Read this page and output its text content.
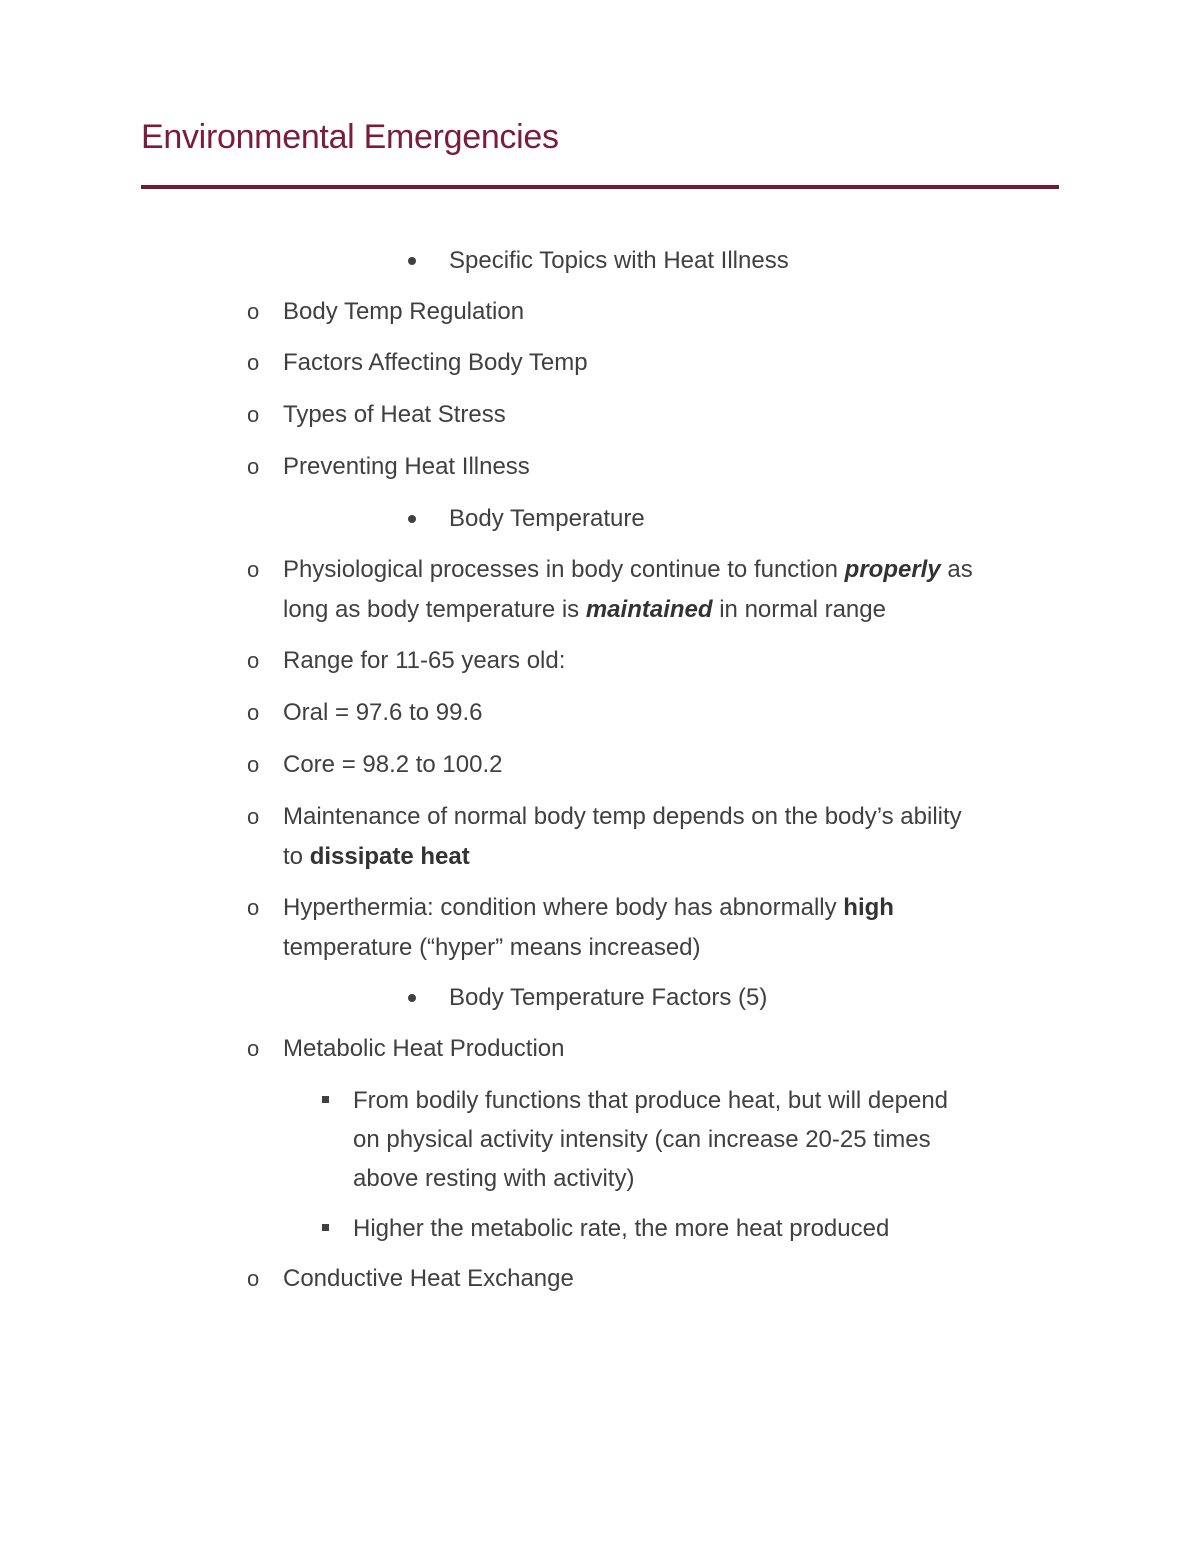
Environmental Emergencies
Specific Topics with Heat Illness
o Body Temp Regulation
o Factors Affecting Body Temp
o Types of Heat Stress
o Preventing Heat Illness
Body Temperature
o Physiological processes in body continue to function properly as
long as body temperature is maintained in normal range
o Range for 11-65 years old:
o Oral = 97.6 to 99.6
o Core = 98.2 to 100.2
o Maintenance of normal body temp depends on the body’s ability
to dissipate heat
o Hyperthermia: condition where body has abnormally high
temperature (“hyper” means increased)
Body Temperature Factors (5)
o Metabolic Heat Production
From bodily functions that produce heat, but will depend
on physical activity intensity (can increase 20-25 times
above resting with activity)
Higher the metabolic rate, the more heat produced
o Conductive Heat Exchange
